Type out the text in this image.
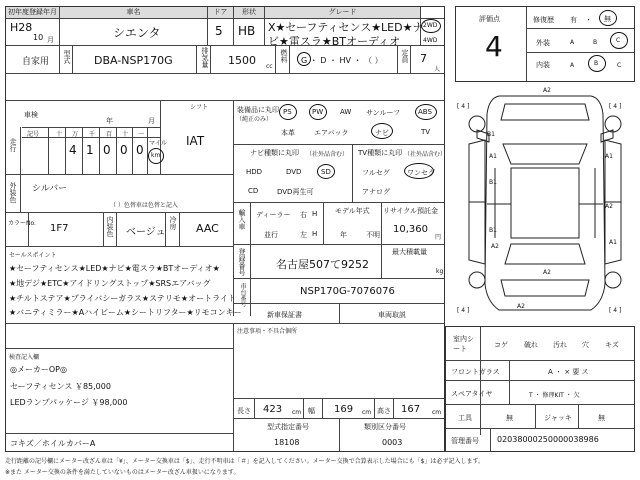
初年度登録年月	車名	ドア	形状	グレード
H28
10 月	シエンタ	5 HB X★セーフティセンス★LED★ナ
ビ★電スラ★BTオーディオ
2WD
4WD
自家用 型式 DBA-NSP170G	排気量 1500 cc
燃料 G ・ D ・ HV ・ （ ）	定員 7
人
車検
年	月
シフト
IAT
走行
記号	十 万 千 百 十 一
4 1 0 0 0 マイル
km
外装色 シルバー
（ ）色替車は色替と記入
カラーNo. 1F7	内装色 ベージュ
冷房 AAC
装備品に丸印
（純正のみ）
PS	PW AW サンルーフ	ABS
本革	エアバック	ナビ	TV
ナビ種類に丸印 （社外品含む） TV種類に丸印 （社外品含む）
HDD	DVD	SD
CD	DVD再生可
フルセグ ワンセグ
アナログ
輸入車 ディーラー
並行
右 H
左 H
モデル年式
年	不明
リサイクル預託金
10,360
円
最大積載量
kg
登録番号	名古屋507て9252
車台番号	NSP170G-7076076
新車保証書	車両取説
注意事項・不具合個所
セールスポイント
★セーフティセンス★LED★ナビ★電スラ★BTオーディオ★
★地デジ★ETC★アイドリングストップ★SRSエアバッグ
★チルトステア★プライバシーガラス★ステリモ★オートライト
★バニティミラー★Aハイビーム★シートリフター★リモコンキー
検査記入欄
◎メーカーOP◎
セーフティセンス ￥85,000
LEDランプパッケージ ￥98,000
コキズ／ホイルカバーA
長さ 423 cm 幅 169 cm 高さ 167 cm
型式指定番号	類別区分番号
18108	0003
評価点
4
修復歴 有 ・ 無
外装	A	B	C
内装	A	B	C
[ 4 ]	[ 4 ]
[ 4 ]	[ 4 ]
A2
B1
A1
B1
B1
A2
A1
A2
A1
A2
A2
室内シート	コゲ 破れ 汚れ 穴 キズ
フロントガラス	A ・ × 要 ス
スペアタイヤ	T ・ 修理KIT ・ 欠
工具	無	ジャッキ	無
管理番号 02038000250000038986
走行距離の記号欄にメーター改ざん車は「¥」、メーター交換車は「$」、走行不明車は「＃」を記入してください。メーター交換で合算表示した場合にも「$」は必ず記入します。
※また メーター交換の条件を満たしていないものはメーター改ざん車扱いになります。
